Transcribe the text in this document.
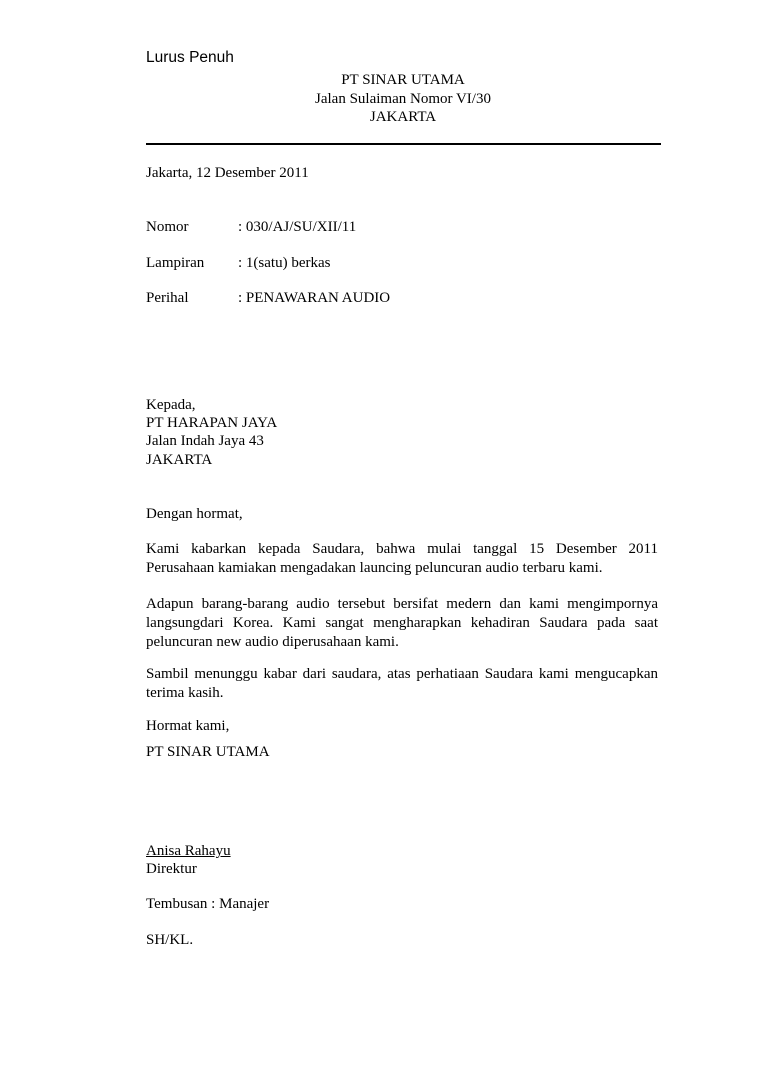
Lurus Penuh
PT SINAR UTAMA
Jalan Sulaiman Nomor VI/30
JAKARTA
Jakarta, 12 Desember 2011
Nomor	: 030/AJ/SU/XII/11
Lampiran : 1(satu) berkas
Perihal	: PENAWARAN AUDIO
Kepada,
PT HARAPAN JAYA
Jalan Indah Jaya 43
JAKARTA
Dengan hormat,
Kami kabarkan kepada Saudara, bahwa mulai tanggal 15 Desember 2011
Perusahaan kamiakan mengadakan launcing peluncuran audio terbaru kami.
Adapun barang-barang audio tersebut bersifat medern dan kami mengimpornya
langsungdari Korea. Kami sangat mengharapkan kehadiran Saudara pada saat
peluncuran new audio diperusahaan kami.
Sambil menunggu kabar dari saudara, atas perhatiaan Saudara kami mengucapkan
terima kasih.
Hormat kami,
PT SINAR UTAMA
Anisa Rahayu
Direktur
Tembusan : Manajer
SH/KL.
